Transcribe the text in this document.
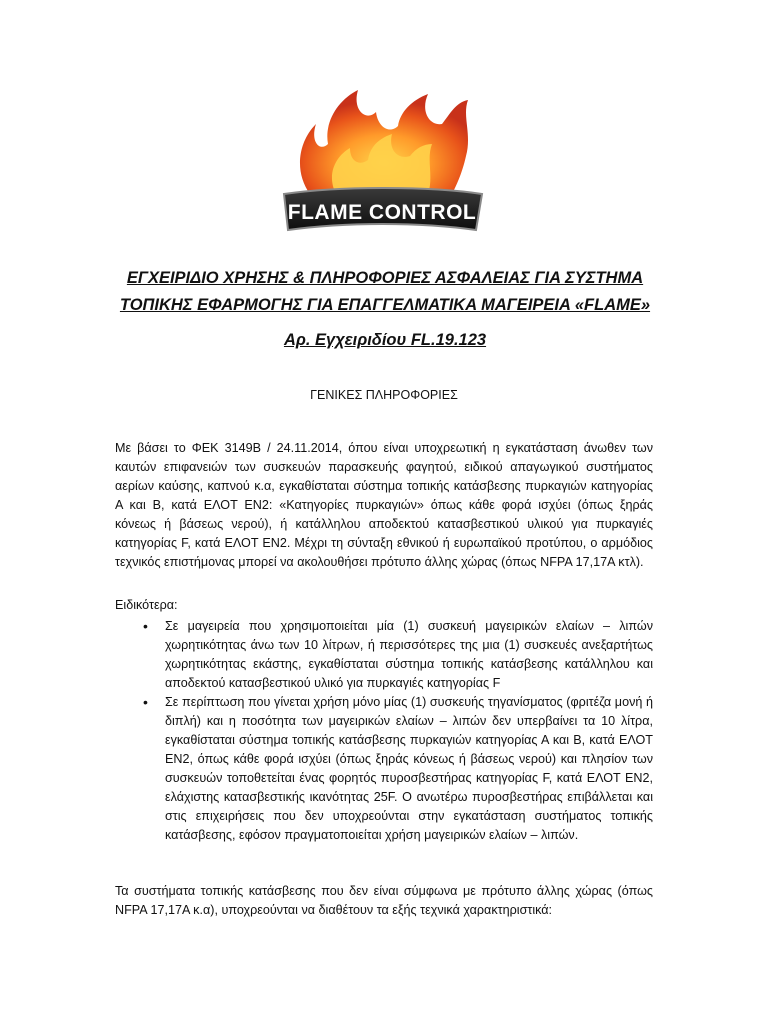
FLAME CONTROL
ΕΓΧΕΙΡΙΔΙΟ ΧΡΗΣΗΣ & ΠΛΗΡΟΦΟΡΙΕΣ ΑΣΦΑΛΕΙΑΣ ΓΙΑ ΣΥΣΤΗΜΑ
ΤΟΠΙΚΗΣ ΕΦΑΡΜΟΓΗΣ ΓΙΑ ΕΠΑΓΓΕΛΜΑΤΙΚΑ ΜΑΓΕΙΡΕΙΑ «FLAME»
Αρ. Εγχειριδίου FL.19.123
ΓΕΝΙΚΕΣ ΠΛΗΡΟΦΟΡΙΕΣ

Με βάσει το ΦΕΚ 3149Β / 24.11.2014, όπου είναι υποχρεωτική η εγκατάσταση άνωθεν των καυτών επιφανειών των συσκευών παρασκευής φαγητού, ειδικού απαγωγικού συστήματος αερίων καύσης, καπνού κ.α, εγκαθίσταται σύστημα τοπικής κατάσβεσης πυρκαγιών κατηγορίας Α και Β, κατά ΕΛΟΤ ΕΝ2: «Κατηγορίες πυρκαγιών» όπως κάθε φορά ισχύει (όπως ξηράς κόνεως ή βάσεως νερού), ή κατάλληλου αποδεκτού κατασβεστικού υλικού για πυρκαγιές κατηγορίας F, κατά ΕΛΟΤ ΕΝ2. Μέχρι τη σύνταξη εθνικού ή ευρωπαϊκού προτύπου, ο αρμόδιος τεχνικός επιστήμονας μπορεί να ακολουθήσει πρότυπο άλλης χώρας (όπως NFPA 17,17A κτλ).

Ειδικότερα:

• Σε μαγειρεία που χρησιμοποιείται μία (1) συσκευή μαγειρικών ελαίων – λιπών χωρητικότητας άνω των 10 λίτρων, ή περισσότερες της μια (1) συσκευές ανεξαρτήτως χωρητικότητας εκάστης, εγκαθίσταται σύστημα τοπικής κατάσβεσης κατάλληλου και αποδεκτού κατασβεστικού υλικό για πυρκαγιές κατηγορίας F
• Σε περίπτωση που γίνεται χρήση μόνο μίας (1) συσκευής τηγανίσματος (φριτέζα μονή ή διπλή) και η ποσότητα των μαγειρικών ελαίων – λιπών δεν υπερβαίνει τα 10 λίτρα, εγκαθίσταται σύστημα τοπικής κατάσβεσης πυρκαγιών κατηγορίας Α και Β, κατά ΕΛΟΤ ΕΝ2, όπως κάθε φορά ισχύει (όπως ξηράς κόνεως ή βάσεως νερού) και πλησίον των συσκευών τοποθετείται ένας φορητός πυροσβεστήρας κατηγορίας F, κατά ΕΛΟΤ ΕΝ2, ελάχιστης κατασβεστικής ικανότητας 25F. Ο ανωτέρω πυροσβεστήρας επιβάλλεται και στις επιχειρήσεις που δεν υποχρεούνται στην εγκατάσταση συστήματος τοπικής κατάσβεσης, εφόσον πραγματοποιείται χρήση μαγειρικών ελαίων – λιπών.

Τα συστήματα τοπικής κατάσβεσης που δεν είναι σύμφωνα με πρότυπο άλλης χώρας (όπως NFPA 17,17A κ.α), υποχρεούνται να διαθέτουν τα εξής τεχνικά χαρακτηριστικά:
